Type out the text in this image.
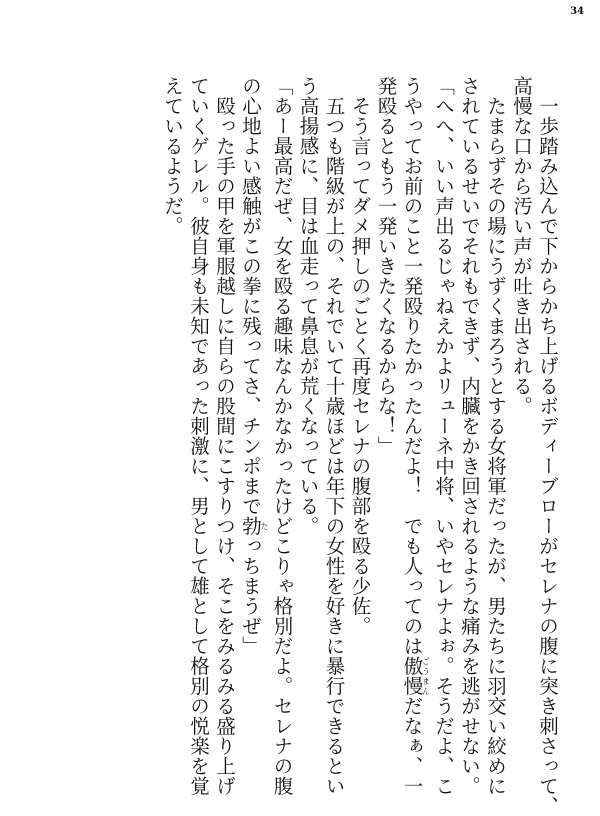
34
　一歩踏み込んで下からかち上げるボディーブローがセレナの腹に突き刺さって、
高慢な口から汚い声が吐き出される。
　たまらずその場にうずくまろうとする女将軍だったが、男たちに羽交い絞めに
されているせいでそれもできず、内臓をかき回されるような痛みを逃がせない。
「へへ、いい声出るじゃねえかよリューネ中将、いやセレナよぉ。そうだよ、こ
うやってお前のこと一発殴りたかったんだよ！　でも人ってのは傲慢ごうまんだなぁ、一
発殴るともう一発いきたくなるからな！」
　そう言ってダメ押しのごとく再度セレナの腹部を殴る少佐。
　五つも階級が上の、それでいて十歳ほどは年下の女性を好きに暴行できるとい
う高揚感に、目は血走って鼻息が荒くなっている。
「あー最高だぜ、女を殴る趣味なんかなかったけどこりゃ格別だよ。セレナの腹
の心地よい感触がこの拳に残ってさ、チンポまで勃たっちまうぜ」
　殴った手の甲を軍服越しに自らの股間にこすりつけ、そこをみるみる盛り上げ
ていくゲレル。彼自身も未知であった刺激に、男として雄として格別の悦楽を覚
えているようだ。
